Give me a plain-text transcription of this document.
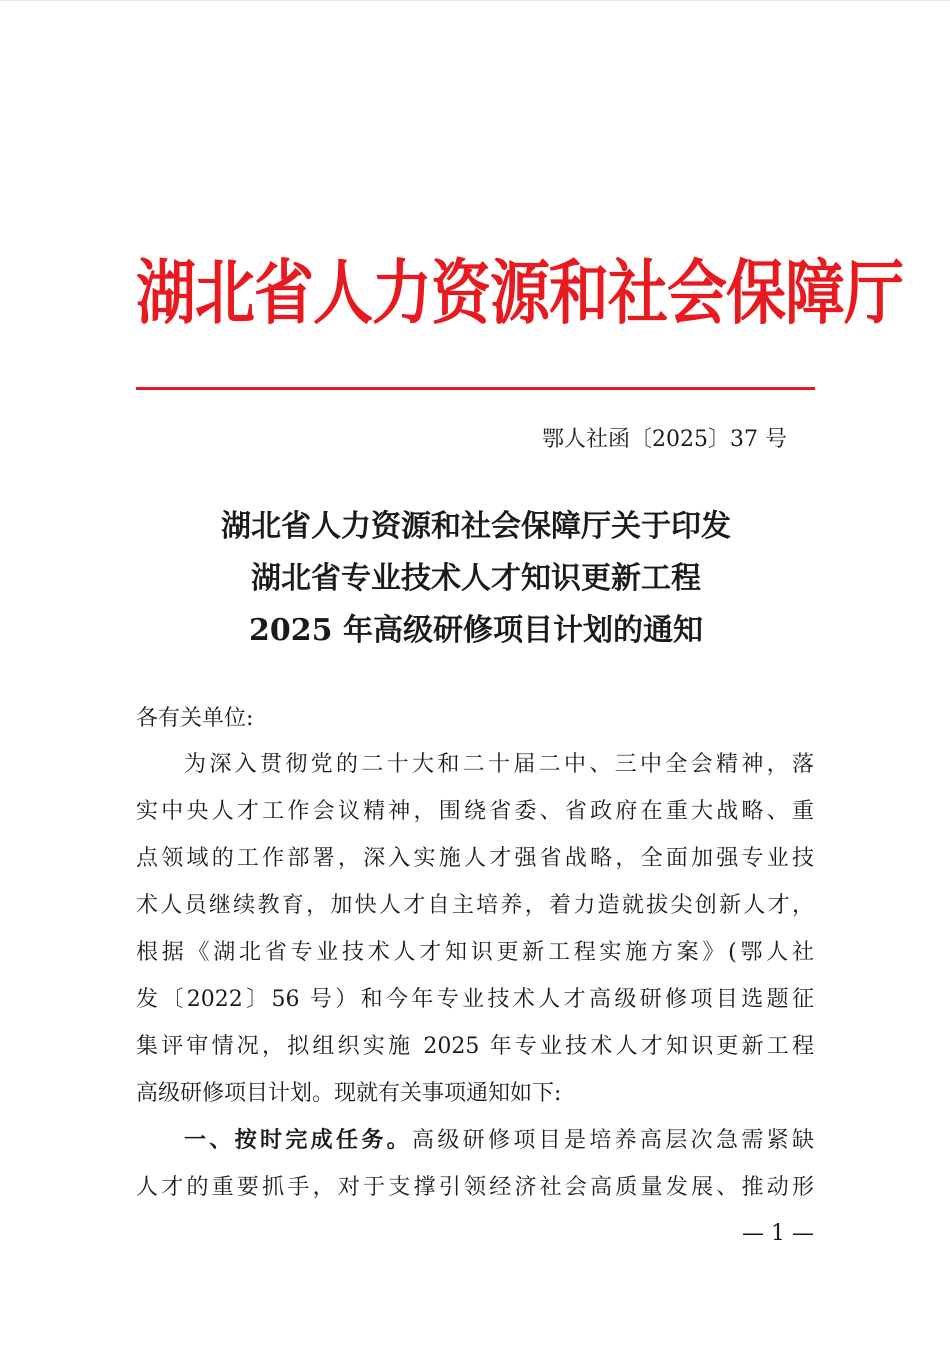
湖北省人力资源和社会保障厅
鄂人社函〔2025〕37 号
湖北省人力资源和社会保障厅关于印发
湖北省专业技术人才知识更新工程
2025 年高级研修项目计划的通知
各有关单位:
为深入贯彻党的二十大和二十届二中、三中全会精神，落
实中央人才工作会议精神，围绕省委、省政府在重大战略、重
点领域的工作部署，深入实施人才强省战略，全面加强专业技
术人员继续教育，加快人才自主培养，着力造就拔尖创新人才，
根据《湖北省专业技术人才知识更新工程实施方案》(鄂人社
发〔2022〕56 号）和今年专业技术人才高级研修项目选题征
集评审情况，拟组织实施 2025 年专业技术人才知识更新工程
高级研修项目计划。现就有关事项通知如下:
一、按时完成任务。高级研修项目是培养高层次急需紧缺
人才的重要抓手，对于支撑引领经济社会高质量发展、推动形
— 1 —
